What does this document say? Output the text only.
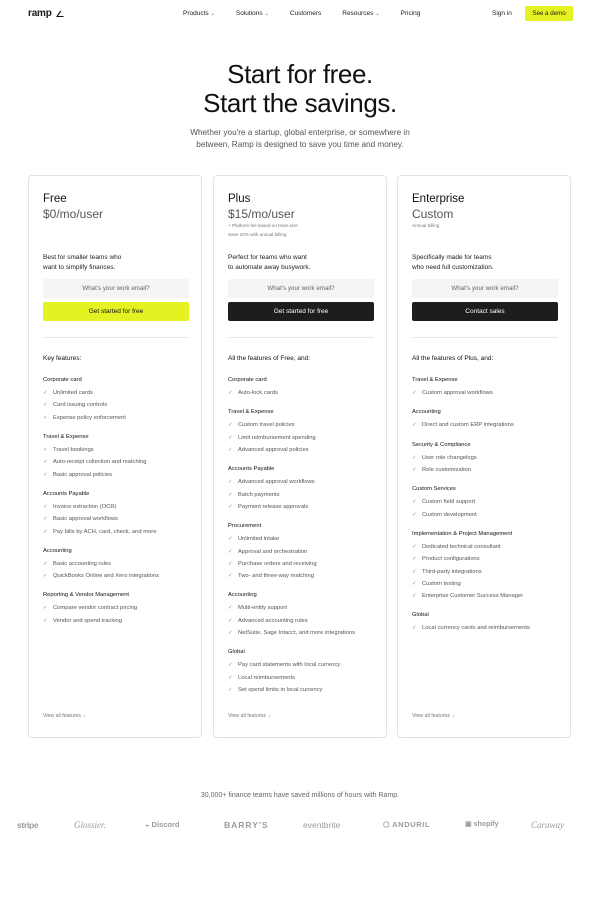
ramp	Products ⌄	Solutions ⌄	Customers	Resources ⌄	Pricing	Sign in	See a demo
Start for free.
Start the savings.
Whether you're a startup, global enterprise, or somewhere in
between, Ramp is designed to save you time and money.
Free
$0/mo/user
Best for smaller teams who
want to simplify finances.
What's your work email?
Get started for free
Key features:
Corporate card
✓ Unlimited cards
✓ Card issuing controls
✓ Expense policy enforcement
Travel & Expense
✓ Travel bookings
✓ Auto-receipt collection and matching
✓ Basic approval policies
Accounts Payable
✓ Invoice extraction (OCR)
✓ Basic approval workflows
✓ Pay bills by ACH, card, check, and more
Accounting
✓ Basic accounting rules
✓ QuickBooks Online and Xero integrations
Reporting & Vendor Management
✓ Compare vendor contract pricing
✓ Vendor and spend tracking
View all features ↓
Plus
$15/mo/user
+ Platform fee based on team size
Save 20% with annual billing
Perfect for teams who want
to automate away busywork.
What's your work email?
Get started for free
All the features of Free, and:
Corporate card
✓ Auto-lock cards
Travel & Expense
✓ Custom travel policies
✓ Limit reimbursement spending
✓ Advanced approval policies
Accounts Payable
✓ Advanced approval workflows
✓ Batch payments
✓ Payment release approvals
Procurement
✓ Unlimited intake
✓ Approval and orchestration
✓ Purchase orders and receiving
✓ Two- and three-way matching
Accounting
✓ Multi-entity support
✓ Advanced accounting rules
✓ NetSuite, Sage Intacct, and more integrations
Global
✓ Pay card statements with local currency
✓ Local reimbursements
✓ Set spend limits in local currency
View all features ↓
Enterprise
Custom
Annual billing
Specifically made for teams
who need full customization.
What's your work email?
Contact sales
All the features of Plus, and:
Travel & Expense
✓ Custom approval workflows
Accounting
✓ Direct and custom ERP integrations
Security & Compliance
✓ User role changelogs
✓ Role customization
Custom Services
✓ Custom field support
✓ Custom development
Implementation & Project Management
✓ Dedicated technical consultant
✓ Product configurations
✓ Third-party integrations
✓ Custom testing
✓ Enterprise Customer Success Manager
Global
✓ Local currency cards and reimbursements
View all features ↓
30,000+ finance teams have saved millions of hours with Ramp.
stripe	Glossier.	◒ Discord	BARRY'S	eventbrite	⬡ ANDURIL	▣ shopify	Caraway
